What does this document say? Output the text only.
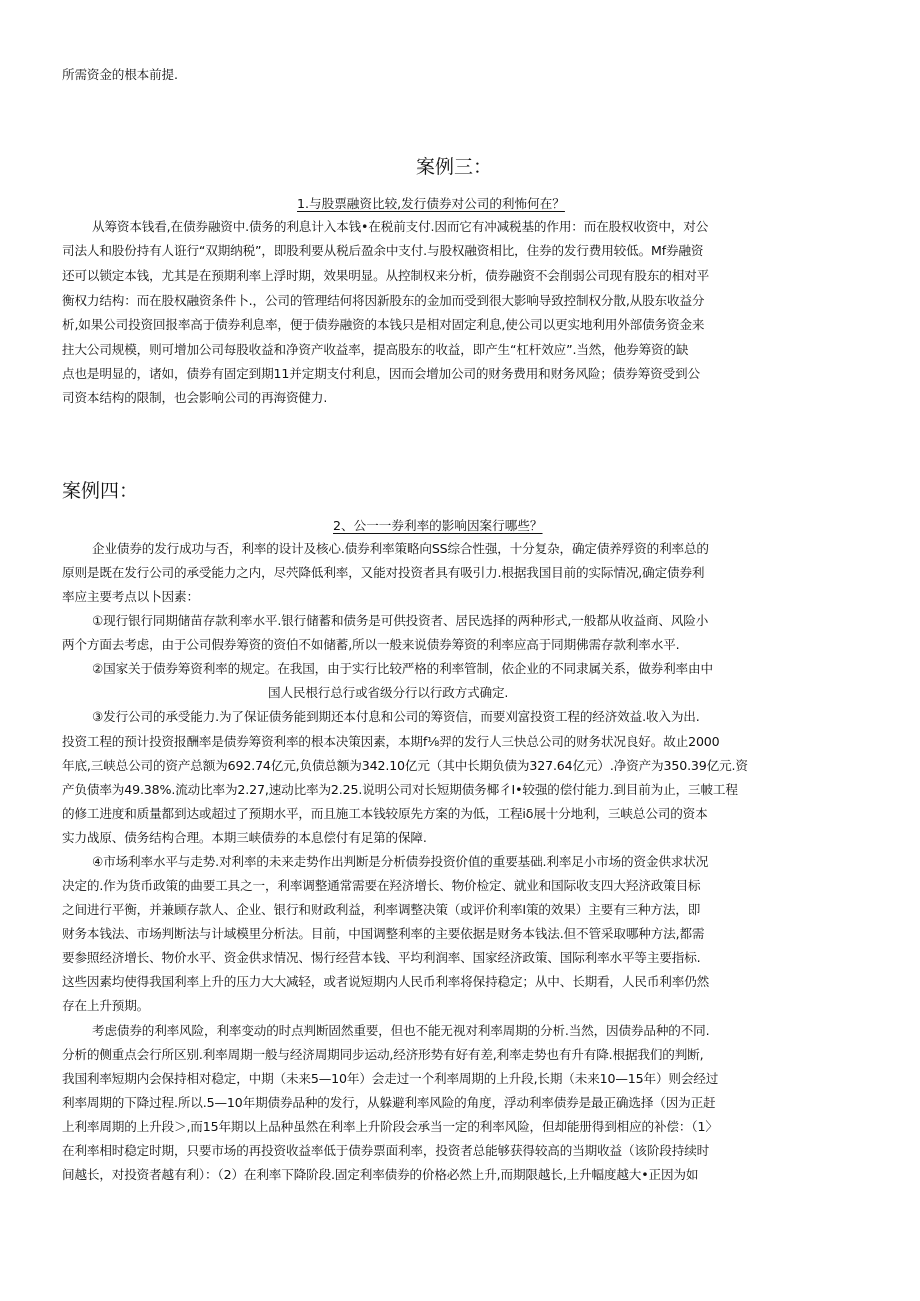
所需资金的根本前提.
案例三：
1.与股票融资比较,发行债券对公司的利怖何在？
从筹资本钱看,在债券融资中.债务的利息计入本钱•在税前支付.因而它有冲减税基的作用：而在股权收资中，对公
司法人和股份持有人诳行“双期纳税”，即股利要从税后盈余中支付.与股权融资相比，住券的发行费用较低。Mf券融资
还可以锁定本钱，尤其是在预期利率上浮时期，效果明显。从控制权来分析，债券融资不会削弱公司现有股东的相对平
衡权力结构：而在股权融资条件卜.，公司的管理结何将因新股东的金加而受到很大影响导致控制权分散,从股东收益分
析,如果公司投资回报率高于债券利息率，便于债券融资的本钱只是相对固定利息,使公司以更实地利用外部债务资金来
拄大公司规模，则可增加公司每股收益和净资产收益率，提高股东的收益，即产生“杠杆效应”.当然，他券筹资的缺
点也是明显的，诸如，债券有固定到期11并定期支付利息，因而会增加公司的财务费用和财务风险；债券筹资受到公
司资本结构的限制，也会影响公司的再海资健力.
案例四：
2、公一一券利率的影响因案行哪些？
企业债券的发行成功与否，利率的设计及核心.债券利率策略向SS综合性强，十分复杂，确定债养殍资的利率总的
原则是既在发行公司的承受能力之内，尽茓降低利率，又能对投资者具有吸引力.根据我国目前的实际情况,确定债券利
率应主要考点以卜因素：
①现行银行同期储苗存款利率水平.银行储蓄和债务是可供投资者、居民选择的两种形式,一般都从收益商、风险小
两个方面去考虑，由于公司假券筹资的资伯不如储蓄,所以一般来说债券筹资的利率应高于同期佛需存款利率水平.
②国家关于债券筹资利率的规定。在我国，由于实行比较严格的利率管制，依企业的不同隶属关系，做券利率由中
国人民根行总行或省级分行以行政方式确定.
③发行公司的承受能力.为了保证债务能到期还本付息和公司的筹资信，而要刈富投资工程的经济效益.收入为出.
投资工程的预计投资报酬率是债券筹资利率的根本决策因素，本期f⅛羿的发行人三快总公司的财务状况良好。故止2000
年底,三峡总公司的资产总额为692.74亿元,负债总额为342.10亿元（其中长期负债为327.64亿元）.净资产为350.39亿元.资
产负债率为49.38%.流动比率为2.27,速动比率为2.25.说明公司对长短期债务椰彳I•较强的偿付能力.到目前为止，三帔工程
的修工进度和质量都到达或超过了预期水平，而且施工本钱较原先方案的为低，工程iδ展十分地利，三峡总公司的资本
实力战原、债务结构合理。本期三峡债券的本息偿付有足第的保障.
④市场利率水平与走势.对利率的未来走势作出判断是分析债券投资价值的重要基础.利率足小市场的资金供求状况
决定的.作为货币政策的曲要工具之一，利率调整通常需要在羟济增长、物价检定、就业和国际收支四大羟济政策目标
之间进行平衡，并兼顾存款人、企业、银行和财政利益，利率调整决策（或评价利率I策的效果）主要有三种方法，即
财务本钱法、市场判断法与计域模里分析法。目前，中国调整利率的主要依据是财务本钱法.但不管采取哪种方法,都需
要参照经济增长、物价水平、资金供求情况、惕行经营本钱、平均利润率、国家经济政策、国际利率水平等主要指标.
这些因素均使得我国利率上升的压力大大减轻，或者说短期内人民币利率将保持稳定；从中、长期看，人民币利率仍然
存在上升预期。
考虑债券的利率风险，利率变动的时点判断固然重要，但也不能无视对利率周期的分析.当然，因债券品种的不同.
分析的侧重点会行所区别.利率周期一般与经济周期同步运动,经济形势有好有差,利率走势也有升有降.根据我们的判断,
我国利率短期内会保持相对稳定，中期（未来5—10年）会走过一个利率周期的上升段,长期（未来10—15年）则会经过
利率周期的下降过程.所以.5—10年期债券品种的发行，从躲避利率风险的角度，浮动利率债券是最正确选择（因为正赶
上利率周期的上升段＞,而15年期以上品种虽然在利率上升阶段会承当一定的利率风险，但却能册得到相应的补偿：（1〉
在利率相时稳定时期，只要市场的再投资收益率低于债券票面利率，投资者总能够获得较高的当期收益（该阶段持续时
间越长，对投资者越有利）：（2）在利率下降阶段.固定利率债券的价格必然上升,而期限越长,上升幅度越大•正因为如
